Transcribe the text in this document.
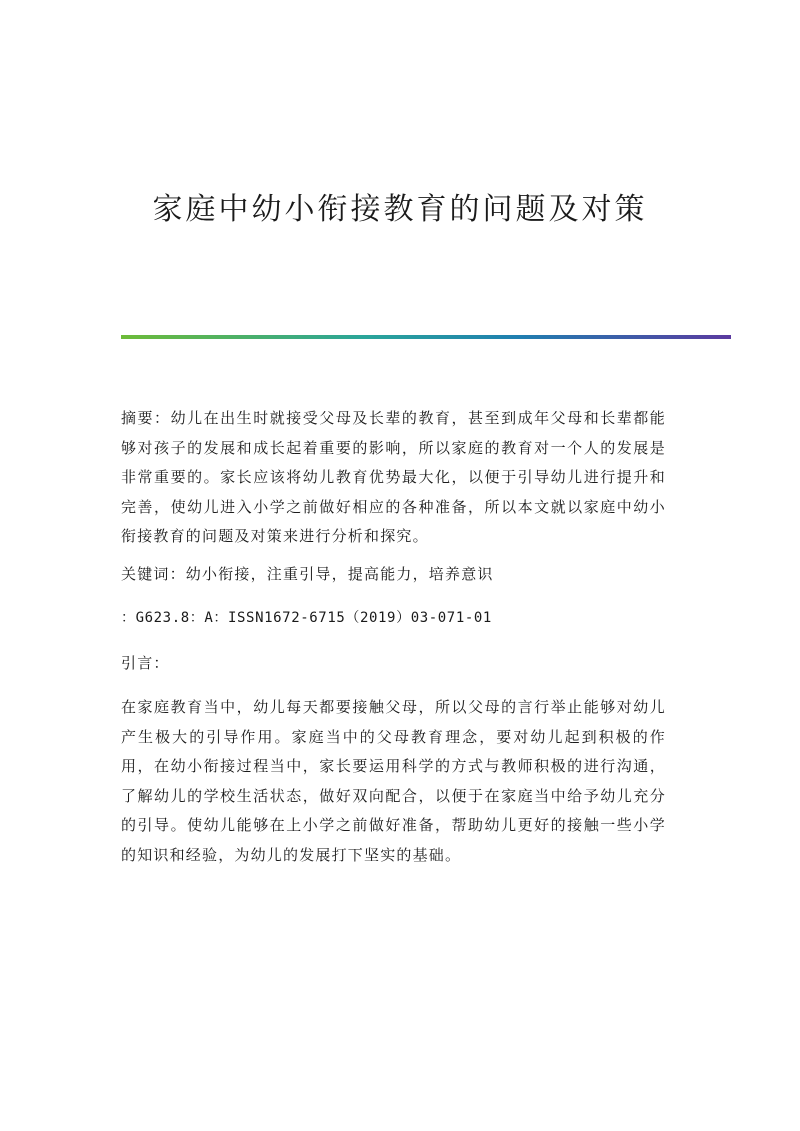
家庭中幼小衔接教育的问题及对策

摘要：幼儿在出生时就接受父母及长辈的教育，甚至到成年父母和长辈都能够对孩子的发展和成长起着重要的影响，所以家庭的教育对一个人的发展是非常重要的。家长应该将幼儿教育优势最大化，以便于引导幼儿进行提升和完善，使幼儿进入小学之前做好相应的各种准备，所以本文就以家庭中幼小衔接教育的问题及对策来进行分析和探究。

关键词：幼小衔接，注重引导，提高能力，培养意识

：G623.8：A：ISSN1672-6715（2019）03-071-01

引言：

在家庭教育当中，幼儿每天都要接触父母，所以父母的言行举止能够对幼儿产生极大的引导作用。家庭当中的父母教育理念，要对幼儿起到积极的作用，在幼小衔接过程当中，家长要运用科学的方式与教师积极的进行沟通，了解幼儿的学校生活状态，做好双向配合，以便于在家庭当中给予幼儿充分的引导。使幼儿能够在上小学之前做好准备，帮助幼儿更好的接触一些小学的知识和经验，为幼儿的发展打下坚实的基础。
